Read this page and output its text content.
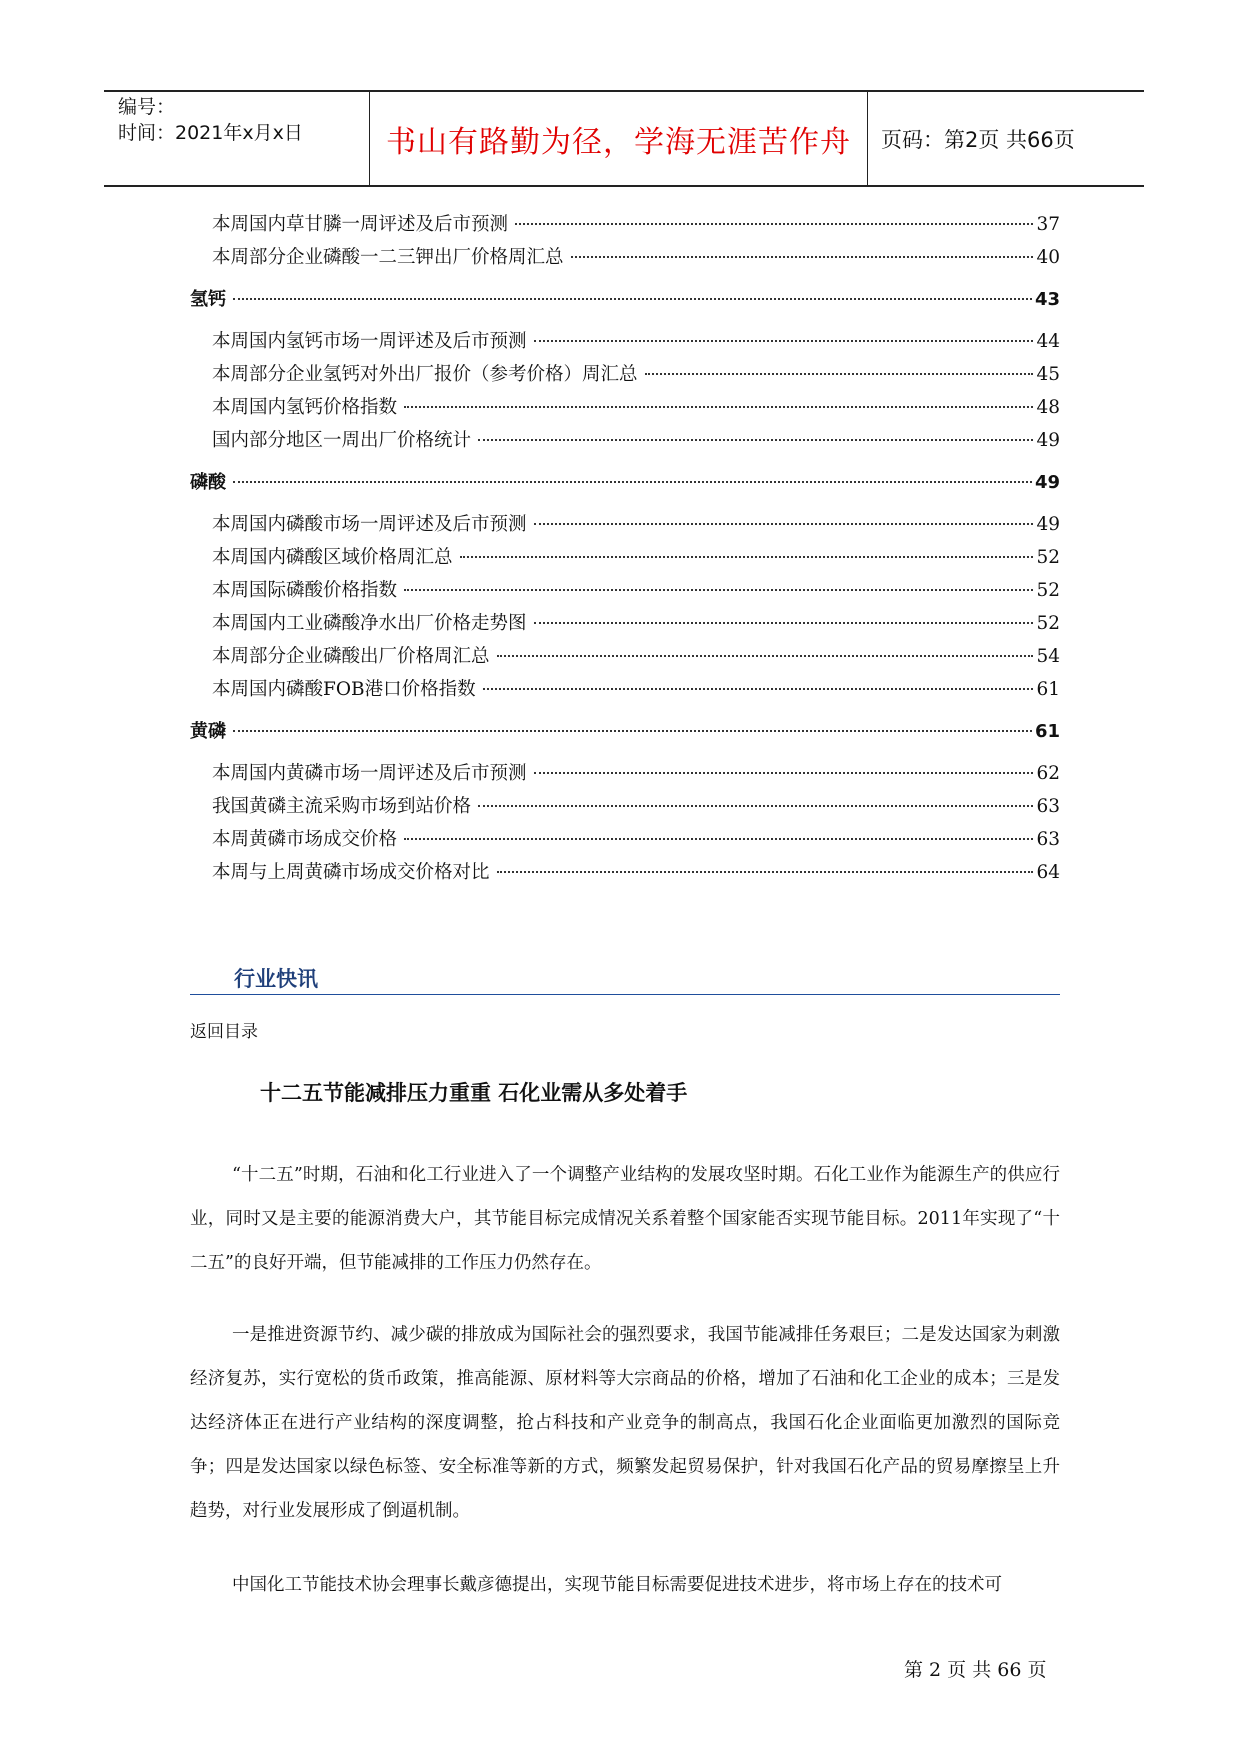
编号：
时间：2021年x月x日	书山有路勤为径，学海无涯苦作舟 页码：第2页 共66页
本周国内草甘膦一周评述及后市预测	37
本周部分企业磷酸一二三钾出厂价格周汇总	40
氢钙	43
本周国内氢钙市场一周评述及后市预测	44
本周部分企业氢钙对外出厂报价（参考价格）周汇总	45
本周国内氢钙价格指数	48
国内部分地区一周出厂价格统计	49
磷酸	49
本周国内磷酸市场一周评述及后市预测	49
本周国内磷酸区域价格周汇总	52
本周国际磷酸价格指数	52
本周国内工业磷酸净水出厂价格走势图	52
本周部分企业磷酸出厂价格周汇总	54
本周国内磷酸FOB港口价格指数	61
黄磷	61
本周国内黄磷市场一周评述及后市预测	62
我国黄磷主流采购市场到站价格	63
本周黄磷市场成交价格	63
本周与上周黄磷市场成交价格对比	64
行业快讯
返回目录
十二五节能减排压力重重 石化业需从多处着手
“十二五”时期，石油和化工行业进入了一个调整产业结构的发展攻坚时期。石化工业作为能源生产的供应行业，同时又是主要的能源消费大户，其节能目标完成情况关系着整个国家能否实现节能目标。2011年实现了“十二五”的良好开端，但节能减排的工作压力仍然存在。
一是推进资源节约、减少碳的排放成为国际社会的强烈要求，我国节能减排任务艰巨；二是发达国家为刺激经济复苏，实行宽松的货币政策，推高能源、原材料等大宗商品的价格，增加了石油和化工企业的成本；三是发达经济体正在进行产业结构的深度调整，抢占科技和产业竞争的制高点，我国石化企业面临更加激烈的国际竞争；四是发达国家以绿色标签、安全标准等新的方式，频繁发起贸易保护，针对我国石化产品的贸易摩擦呈上升趋势，对行业发展形成了倒逼机制。
中国化工节能技术协会理事长戴彦德提出，实现节能目标需要促进技术进步，将市场上存在的技术可
第 2 页 共 66 页
